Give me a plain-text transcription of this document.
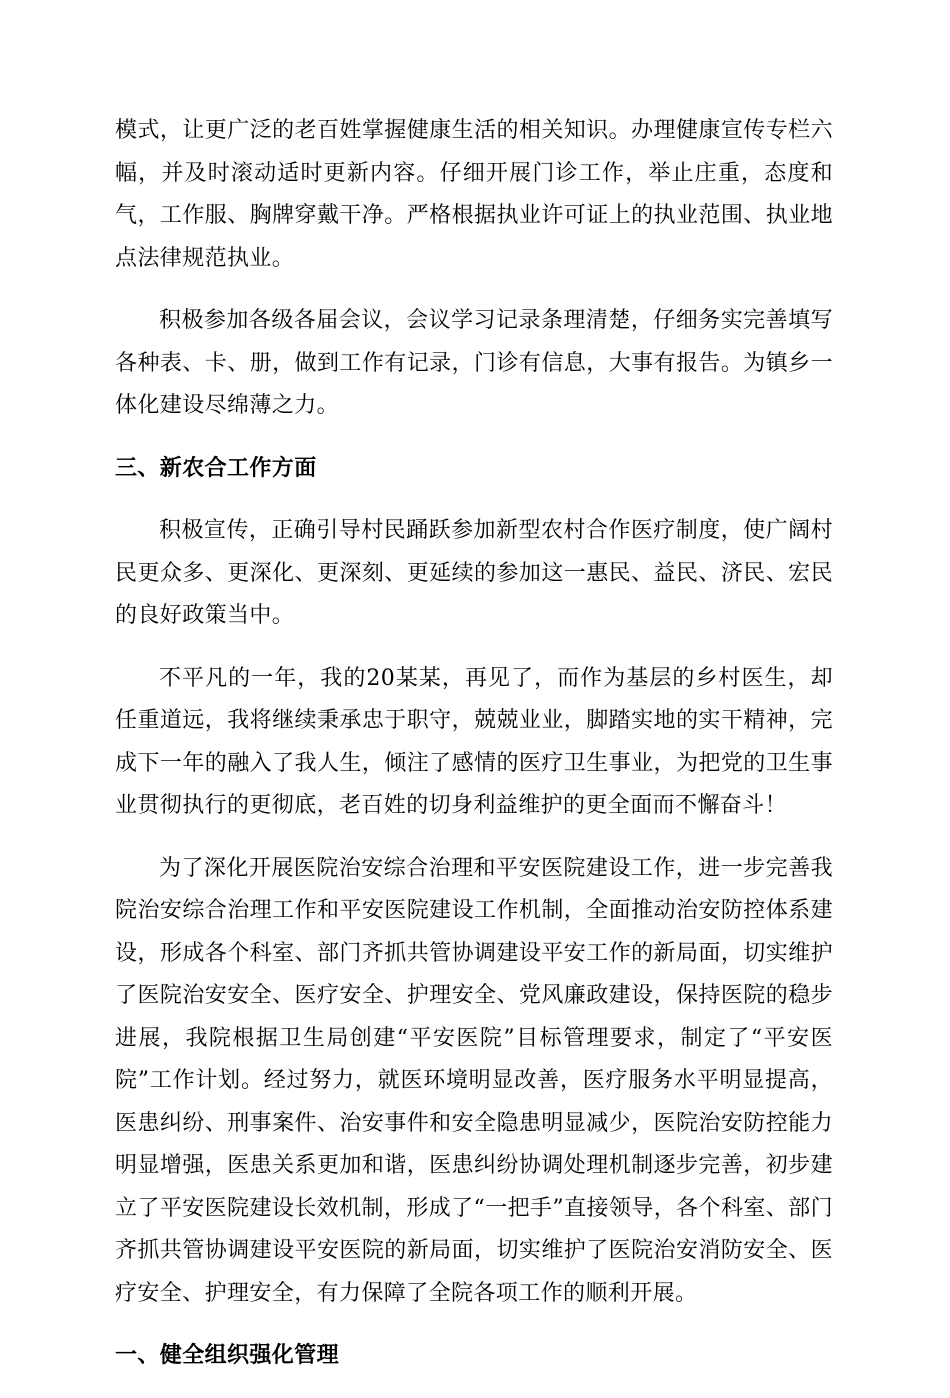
模式，让更广泛的老百姓掌握健康生活的相关知识。办理健康宣传专栏六幅，并及时滚动适时更新内容。仔细开展门诊工作，举止庄重，态度和气，工作服、胸牌穿戴干净。严格根据执业许可证上的执业范围、执业地点法律规范执业。

积极参加各级各届会议，会议学习记录条理清楚，仔细务实完善填写各种表、卡、册，做到工作有记录，门诊有信息，大事有报告。为镇乡一体化建设尽绵薄之力。

三、新农合工作方面

积极宣传，正确引导村民踊跃参加新型农村合作医疗制度，使广阔村民更众多、更深化、更深刻、更延续的参加这一惠民、益民、济民、宏民的良好政策当中。

不平凡的一年，我的20某某，再见了，而作为基层的乡村医生，却任重道远，我将继续秉承忠于职守，兢兢业业，脚踏实地的实干精神，完成下一年的融入了我人生，倾注了感情的医疗卫生事业，为把党的卫生事业贯彻执行的更彻底，老百姓的切身利益维护的更全面而不懈奋斗！

为了深化开展医院治安综合治理和平安医院建设工作，进一步完善我院治安综合治理工作和平安医院建设工作机制，全面推动治安防控体系建设，形成各个科室、部门齐抓共管协调建设平安工作的新局面，切实维护了医院治安安全、医疗安全、护理安全、党风廉政建设，保持医院的稳步进展，我院根据卫生局创建“平安医院”目标管理要求，制定了“平安医院”工作计划。经过努力，就医环境明显改善，医疗服务水平明显提高，医患纠纷、刑事案件、治安事件和安全隐患明显减少，医院治安防控能力明显增强，医患关系更加和谐，医患纠纷协调处理机制逐步完善，初步建立了平安医院建设长效机制，形成了“一把手”直接领导，各个科室、部门齐抓共管协调建设平安医院的新局面，切实维护了医院治安消防安全、医疗安全、护理安全，有力保障了全院各项工作的顺利开展。

一、健全组织强化管理
